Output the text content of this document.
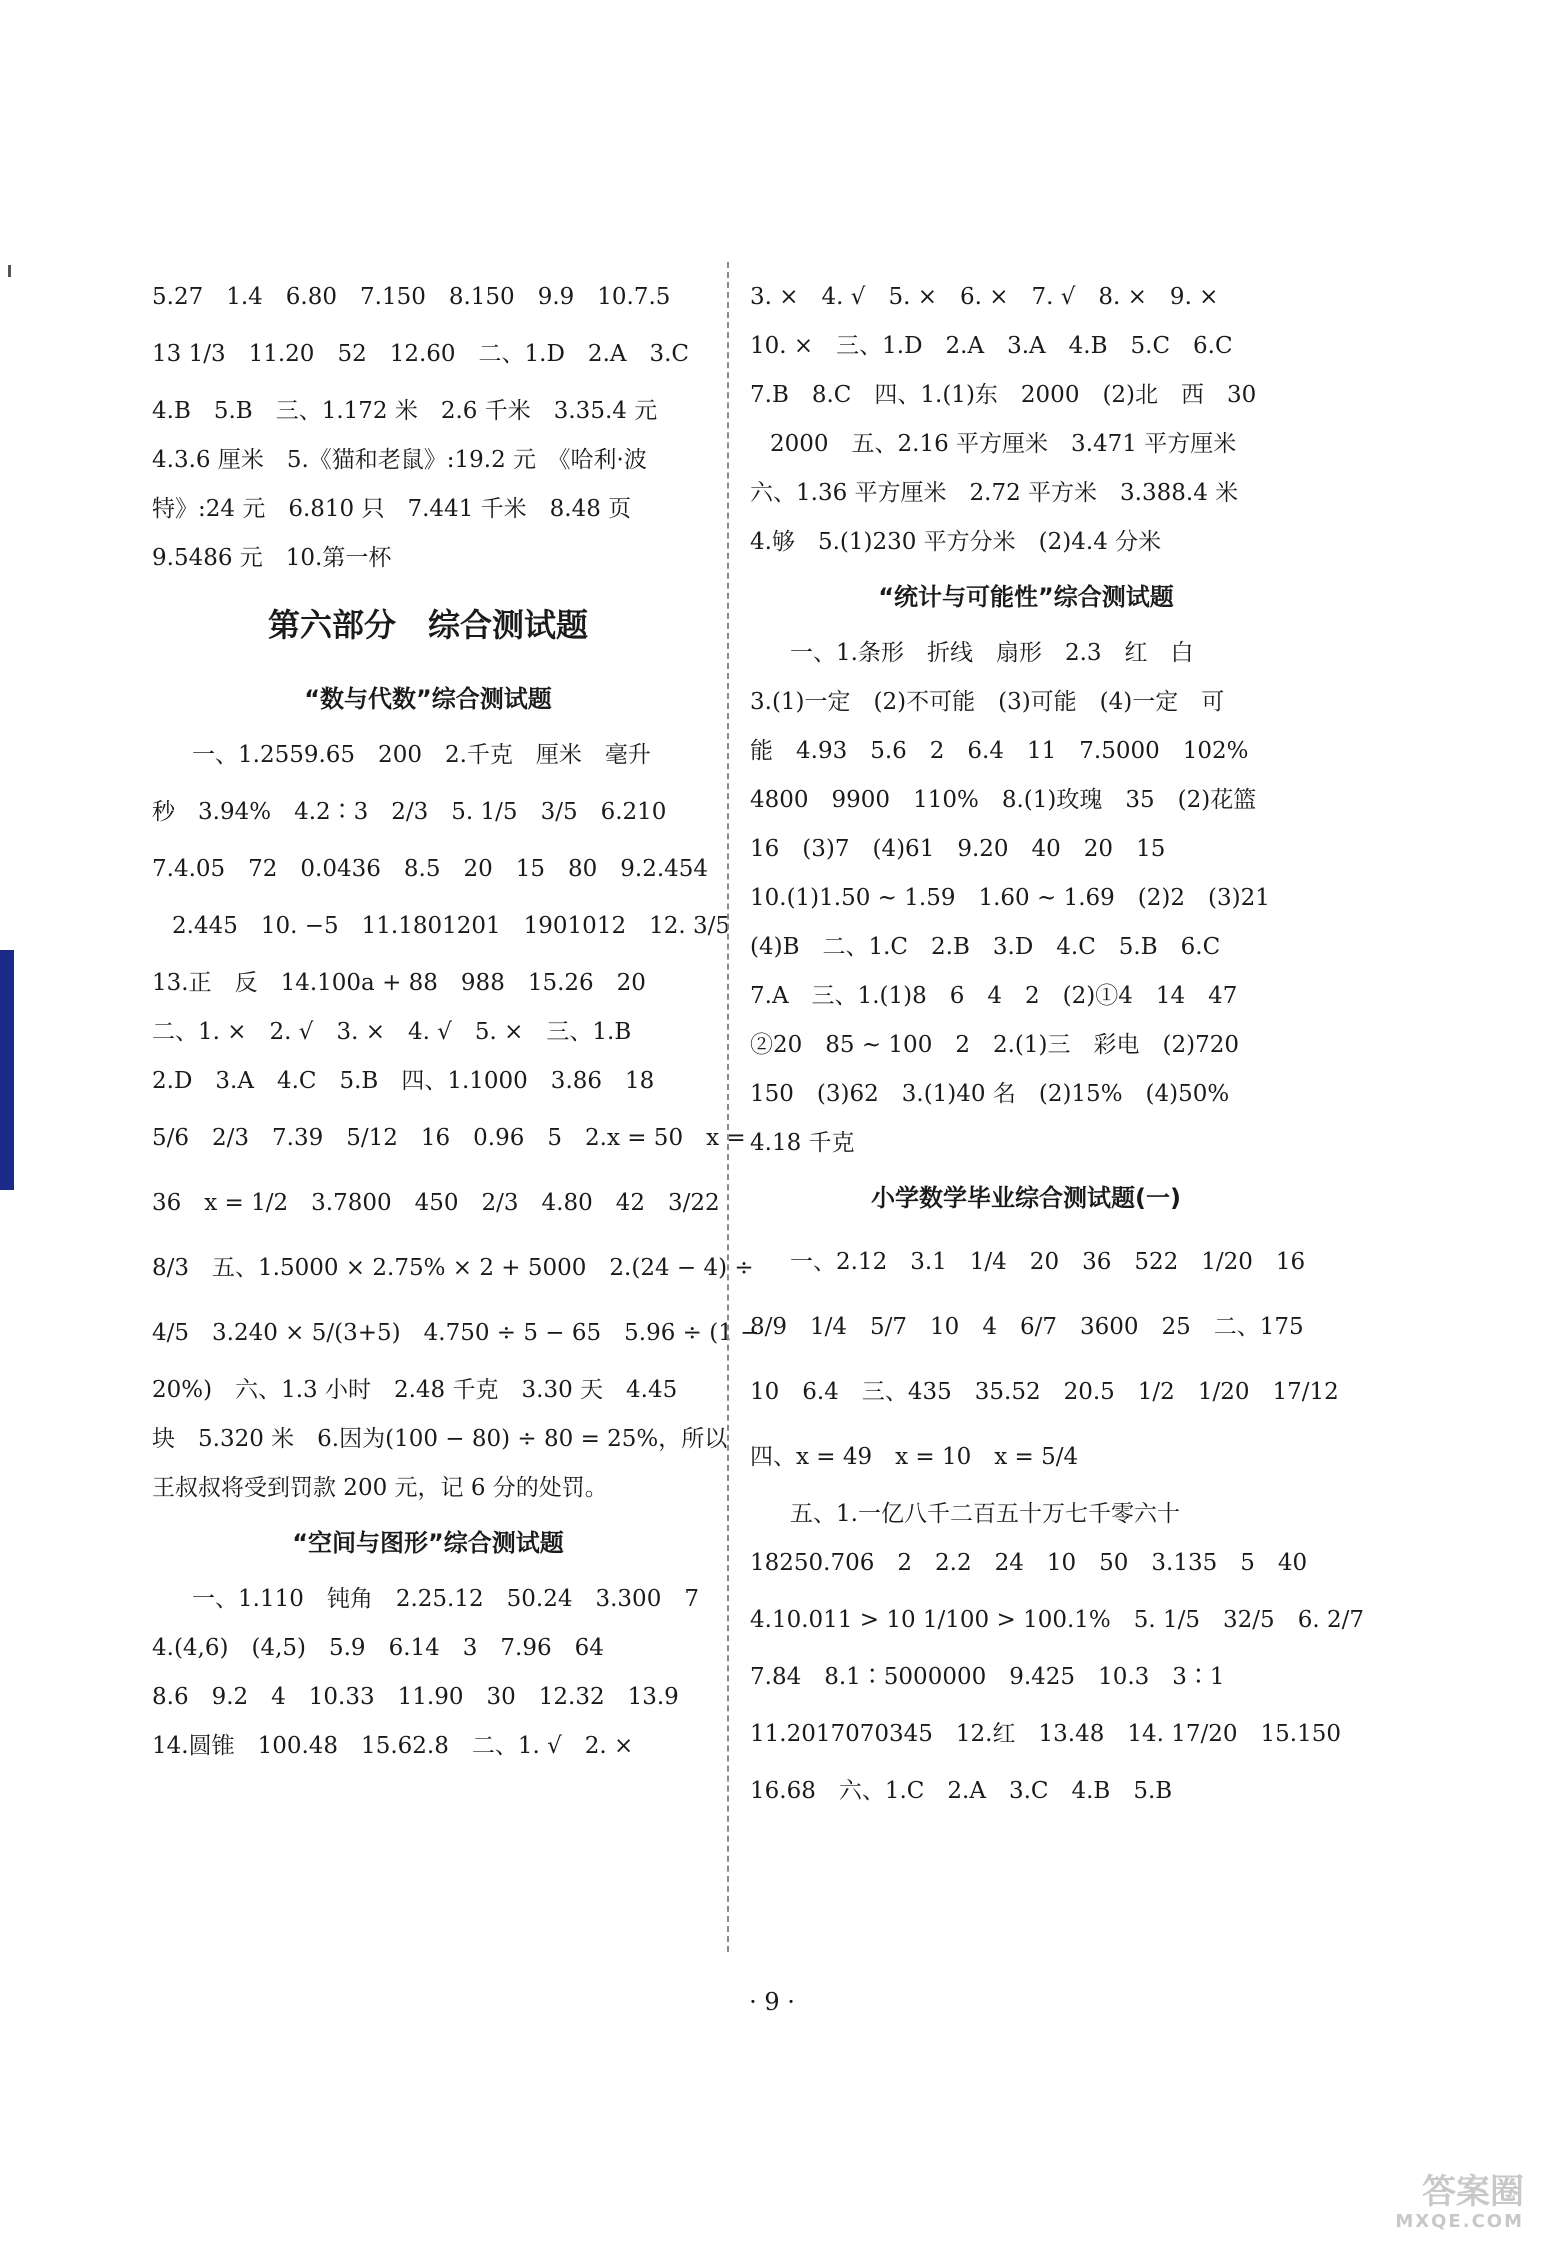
5.27　1.4　6.80　7.150　8.150　9.9　10.7.5
13 1/3　11.20　52　12.60　二、1.D　2.A　3.C
4.B　5.B　三、1.172 米　2.6 千米　3.35.4 元
4.3.6 厘米　5.《猫和老鼠》:19.2 元　《哈利·波
特》:24 元　6.810 只　7.441 千米　8.48 页
9.5486 元　10.第一杯
第六部分　综合测试题
“数与代数”综合测试题
一、1.2559.65　200　2.千克　厘米　毫升
秒　3.94%　4.2∶3　2/3　5. 1/5　3/5　6.210
7.4.05　72　0.0436　8.5　20　15　80　9.2.454
2.445　10. −5　11.1801201　1901012　12. 3/5
13.正　反　14.100a + 88　988　15.26　20
二、1. ×　2. √　3. ×　4. √　5. ×　三、1.B
2.D　3.A　4.C　5.B　四、1.1000　3.86　18
5/6　2/3　7.39　5/12　16　0.96　5　2.x = 50　x =
36　x = 1/2　3.7800　450　2/3　4.80　42　3/22
8/3　五、1.5000 × 2.75% × 2 + 5000　2.(24 − 4) ÷
4/5　3.240 × 5/(3+5)　4.750 ÷ 5 − 65　5.96 ÷ (1 −
20%)　六、1.3 小时　2.48 千克　3.30 天　4.45
块　5.320 米　6.因为(100 − 80) ÷ 80 = 25%，所以
王叔叔将受到罚款 200 元，记 6 分的处罚。
“空间与图形”综合测试题
一、1.110　钝角　2.25.12　50.24　3.300　7
4.(4,6)　(4,5)　5.9　6.14　3　7.96　64
8.6　9.2　4　10.33　11.90　30　12.32　13.9
14.圆锥　100.48　15.62.8　二、1. √　2. ×
3. ×　4. √　5. ×　6. ×　7. √　8. ×　9. ×
10. ×　三、1.D　2.A　3.A　4.B　5.C　6.C
7.B　8.C　四、1.(1)东　2000　(2)北　西　30
2000　五、2.16 平方厘米　3.471 平方厘米
六、1.36 平方厘米　2.72 平方米　3.388.4 米
4.够　5.(1)230 平方分米　(2)4.4 分米
“统计与可能性”综合测试题
一、1.条形　折线　扇形　2.3　红　白
3.(1)一定　(2)不可能　(3)可能　(4)一定　可
能　4.93　5.6　2　6.4　11　7.5000　102%
4800　9900　110%　8.(1)玫瑰　35　(2)花篮
16　(3)7　(4)61　9.20　40　20　15
10.(1)1.50 ~ 1.59　1.60 ~ 1.69　(2)2　(3)21
(4)B　二、1.C　2.B　3.D　4.C　5.B　6.C
7.A　三、1.(1)8　6　4　2　(2)①4　14　47
②20　85 ~ 100　2　2.(1)三　彩电　(2)720
150　(3)62　3.(1)40 名　(2)15%　(4)50%
4.18 千克
小学数学毕业综合测试题(一)
一、2.12　3.1　1/4　20　36　522　1/20　16
8/9　1/4　5/7　10　4　6/7　3600　25　二、175
10　6.4　三、435　35.52　20.5　1/2　1/20　17/12
四、x = 49　x = 10　x = 5/4
五、1.一亿八千二百五十万七千零六十
18250.706　2　2.2　24　10　50　3.135　5　40
4.10.011 > 10 1/100 > 100.1%　5. 1/5　32/5　6. 2/7
7.84　8.1∶5000000　9.425　10.3　3∶1
11.2017070345　12.红　13.48　14. 17/20　15.150
16.68　六、1.C　2.A　3.C　4.B　5.B
· 9 ·
答案圈
MXQE.COM
